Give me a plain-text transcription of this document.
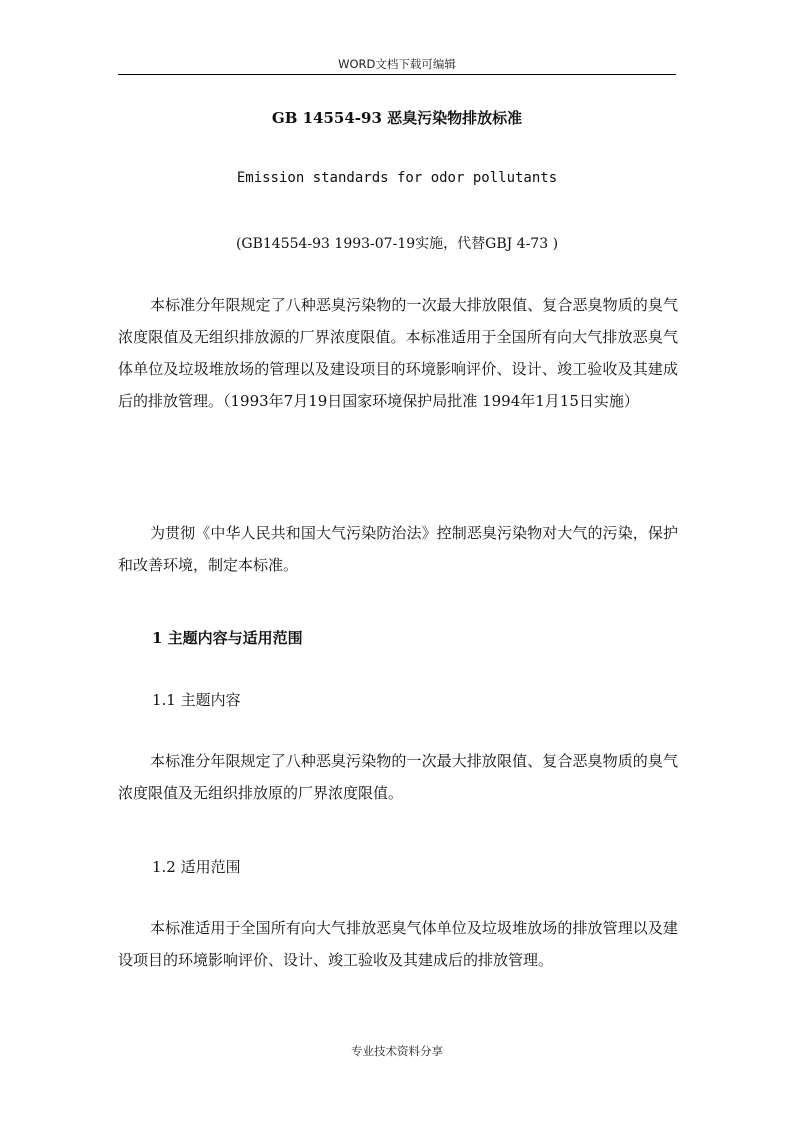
WORD文档下载可编辑
GB 14554-93 恶臭污染物排放标准
Emission standards for odor pollutants
(GB14554-93 1993-07-19实施，代替GBJ 4-73 )
本标准分年限规定了八种恶臭污染物的一次最大排放限值、复合恶臭物质的臭气浓度限值及无组织排放源的厂界浓度限值。本标准适用于全国所有向大气排放恶臭气体单位及垃圾堆放场的管理以及建设项目的环境影响评价、设计、竣工验收及其建成后的排放管理。（1993年7月19日国家环境保护局批准 1994年1月15日实施）
为贯彻《中华人民共和国大气污染防治法》控制恶臭污染物对大气的污染，保护和改善环境，制定本标准。
1 主题内容与适用范围
1.1 主题内容
本标准分年限规定了八种恶臭污染物的一次最大排放限值、复合恶臭物质的臭气浓度限值及无组织排放原的厂界浓度限值。
1.2 适用范围
本标准适用于全国所有向大气排放恶臭气体单位及垃圾堆放场的排放管理以及建设项目的环境影响评价、设计、竣工验收及其建成后的排放管理。
专业技术资料分享
